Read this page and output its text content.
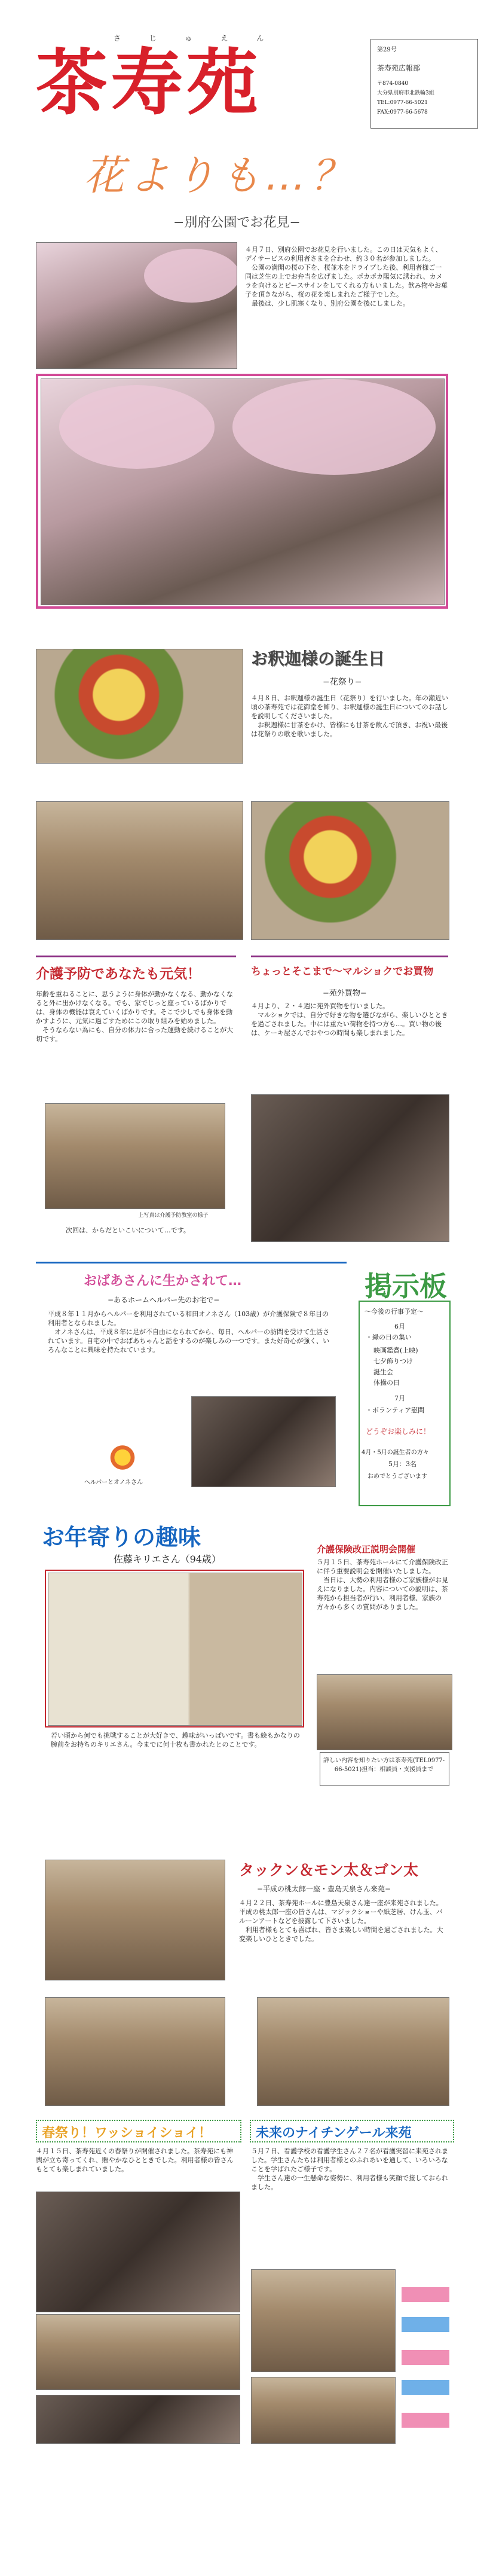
さ じ ゅ え ん
茶寿苑	第29号
茶寿苑広報部
〒874-0840
大分県別府市北鉄輪3組
TEL:0977-66-5021
FAX:0977-66-5678
花よりも…？
−別府公園でお花見−
４月７日、別府公園でお花見を行いました。この日は天気もよく、デイサービスの利用者さまを合わせ、約３０名が参加しました。
　公園の満開の桜の下を、桜並木をドライブした後、利用者様ご一同は芝生の上でお弁当を広げました。ポカポカ陽気に誘われ、カメラを向けるとピースサインをしてくれる方もいました。飲み物やお菓子を頂きながら、桜の花を楽しまれたご様子でした。
　最後は、少し肌寒くなり、別府公園を後にしました。
お釈迦様の誕生日
−花祭り−
４月８日、お釈迦様の誕生日（花祭り）を行いました。年の瀬近い頃の茶寿苑では花御堂を飾り、お釈迦様の誕生日についてのお話しを説明してくださいました。
　お釈迦様に甘茶をかけ、皆様にも甘茶を飲んで頂き、お祝い最後は花祭りの歌を歌いました。
介護予防であなたも元気！
年齢を重ねることに、思うように身体が動かなくなる、動かなくなると外に出かけなくなる。でも、家でじっと座っているばかりでは、身体の機能は衰えていくばかりです。そこで少しでも身体を動かすように、元気に過ごすためにこの取り組みを始めました。
　そうならない為にも、自分の体力に合った運動を続けることが大切です。
上写真は介護予防教室の様子
次回は、からだといこいについて…です。
ちょっとそこまで〜マルショクでお買物
−苑外買物−
４月より、２・４週に苑外買物を行いました。
　マルショクでは、自分で好きな物を選びながら、楽しいひとときを過ごされました。中には重たい荷物を持つ方も…。買い物の後は、ケーキ屋さんでおやつの時間も楽しまれました。
おばあさんに生かされて…
−あるホームヘルパー先のお宅で−
平成８年１１月からヘルパーを利用されている和田オノネさん（103歳）が介護保険で８年目の利用者となられました。
　オノネさんは、平成８年に足が不自由になられてから、毎日、ヘルパーの訪問を受けて生活されています。自宅の中でおばあちゃんと話をするのが楽しみの一つです。また好奇心が強く、いろんなことに興味を持たれています。
ヘルパーとオノネさん
掲示板
〜今後の行事予定〜
6月
・緑の日の集い
映画鑑賞(上映)
七夕飾りつけ
誕生会
体操の日
7月
・ボランティア慰問
どうぞお楽しみに！
4月・5月の誕生者の方々
5月：3名
おめでとうございます
お年寄りの趣味
佐藤キリエさん（94歳）
若い頃から何でも挑戦することが大好きで、趣味がいっぱいです。書も絵もかなりの腕前をお持ちのキリエさん。今までに何十枚も書かれたとのことです。
介護保険改正説明会開催
５月１５日、茶寿苑ホールにて介護保険改正に伴う重要説明会を開催いたしました。
　当日は、大勢の利用者様のご家族様がお見えになりました。内容についての説明は、茶寿苑から担当者が行い、利用者様、家族の方々から多くの質問がありました。
詳しい内容を知りたい方は茶寿苑(TEL0977-66-5021)担当：相談員・支援員まで
タックン＆モン太＆ゴン太
−平成の桃太郎一座・豊島天泉さん来苑−
４月２２日、茶寿苑ホールに豊島天泉さん達一座が来苑されました。平成の桃太郎一座の皆さんは、マジックショーや紙芝居、けん玉、バルーンアートなどを披露して下さいました。
　利用者様もとても喜ばれ、皆さま楽しい時間を過ごされました。大変楽しいひとときでした。
春祭り！ワッショイショイ！
４月１５日、茶寿苑近くの春祭りが開催されました。茶寿苑にも神輿が立ち寄ってくれ、賑やかなひとときでした。利用者様の皆さんもとても楽しまれていました。
未来のナイチンゲール来苑
５月７日、看護学校の看護学生さん２７名が看護実習に来苑されました。学生さんたちは利用者様とのふれあいを通して、いろいろなことを学ばれたご様子です。
　学生さん達の一生懸命な姿勢に、利用者様も笑顔で接しておられました。
